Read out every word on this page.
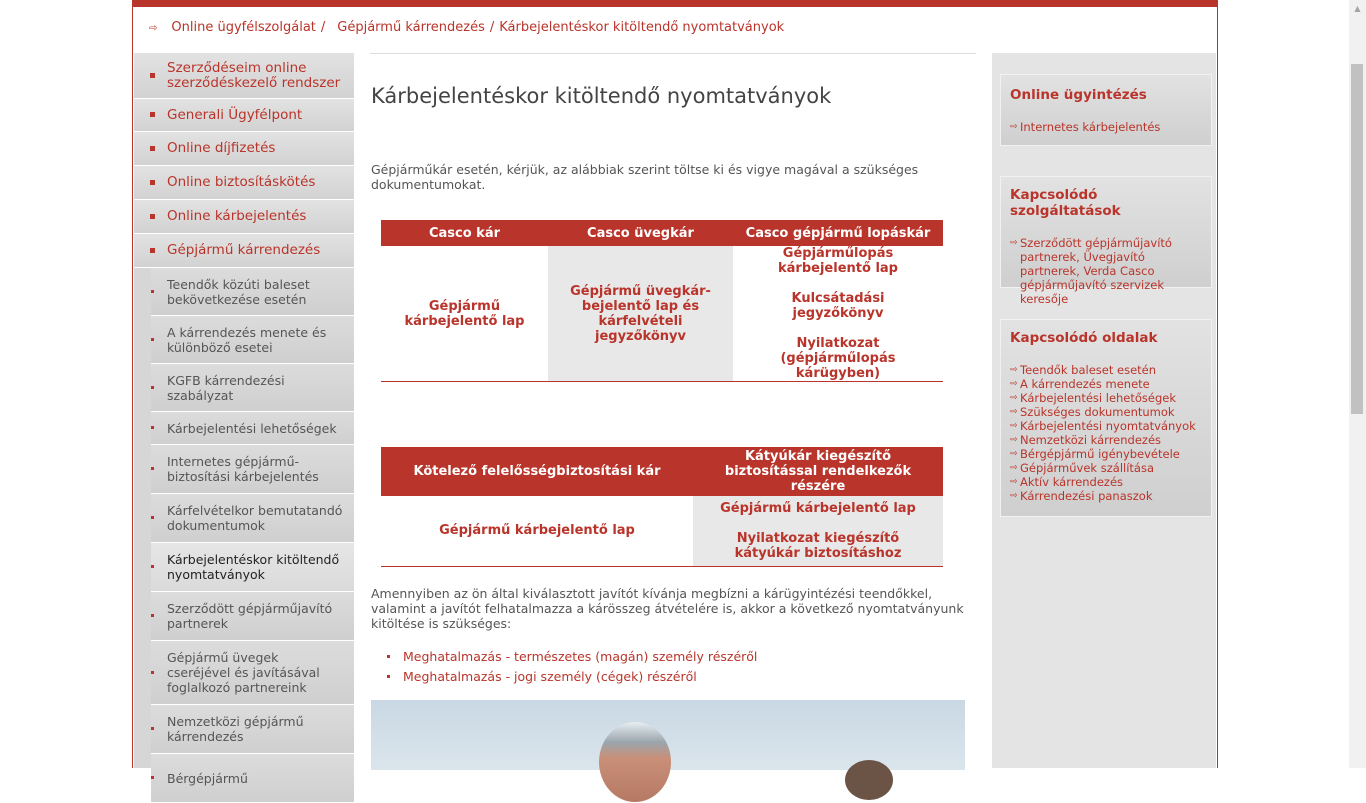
⇨ Online ügyfélszolgálat / Gépjármű kárrendezés / Kárbejelentéskor kitöltendő nyomtatványok
Szerződéseim online szerződéskezelő rendszer
Generali Ügyfélpont
Online díjfizetés
Online biztosításkötés
Online kárbejelentés
Gépjármű kárrendezés
Teendők közúti baleset bekövetkezése esetén
A kárrendezés menete és különböző esetei
KGFB kárrendezési szabályzat
Kárbejelentési lehetőségek
Internetes gépjármű-biztosítási kárbejelentés
Kárfelvételkor bemutatandó dokumentumok
Kárbejelentéskor kitöltendő nyomtatványok
Szerződött gépjárműjavító partnerek
Gépjármű üvegek cseréjével és javításával foglalkozó partnereink
Nemzetközi gépjármű kárrendezés
Bérgépjármű
Kárbejelentéskor kitöltendő nyomtatványok

Gépjárműkár esetén, kérjük, az alábbiak szerint töltse ki és vigye magával a szükséges dokumentumokat.

Casco kár	Casco üvegkár	Casco gépjármű lopáskár

Gépjármű kárbejelentő lap	Gépjármű üvegkár-bejelentő lap és kárfelvételi jegyzőkönyv	Gépjárműlopás kárbejelentő lap
Kulcsátadási jegyzőkönyv
Nyilatkozat (gépjárműlopás kárügyben)
Kötelező felelősségbiztosítási kár	Kátyúkár kiegészítő biztosítással rendelkezők részére

Gépjármű kárbejelentő lap	Gépjármű kárbejelentő lap
Nyilatkozat kiegészítő kátyúkár biztosításhoz

Amennyiben az ön által kiválasztott javítót kívánja megbízni a kárügyintézési teendőkkel, valamint a javítót felhatalmazza a kárösszeg átvételére is, akkor a következő nyomtatványunk kitöltése is szükséges:

Meghatalmazás - természetes (magán) személy részéről
Meghatalmazás - jogi személy (cégek) részéről
Online ügyintézés
⇨ Internetes kárbejelentés
Kapcsolódó szolgáltatások
⇨ Szerződött gépjárműjavító partnerek, Üvegjavító partnerek, Verda Casco gépjárműjavító szervizek keresője
Kapcsolódó oldalak
⇨ Teendők baleset esetén
⇨ A kárrendezés menete
⇨ Kárbejelentési lehetőségek
⇨ Szükséges dokumentumok
⇨ Kárbejelentési nyomtatványok
⇨ Nemzetközi kárrendezés
⇨ Bérgépjármű igénybevétele
⇨ Gépjárművek szállítása
⇨ Aktív kárrendezés
⇨ Kárrendezési panaszok
▲
